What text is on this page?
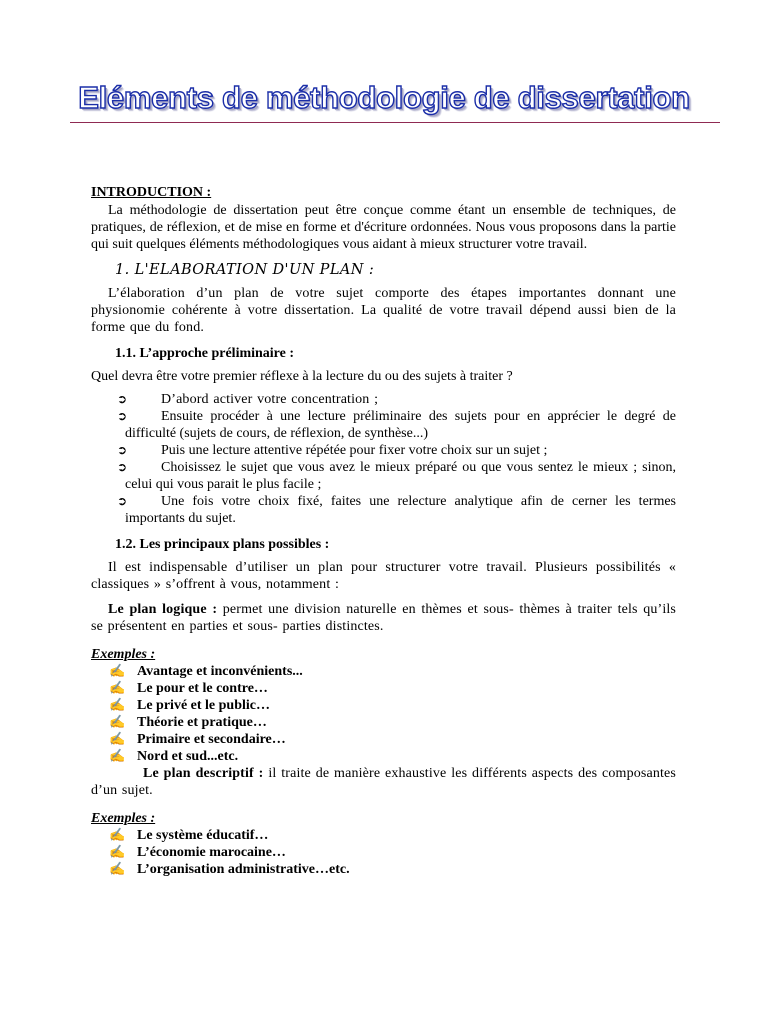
Eléments de méthodologie de dissertation

INTRODUCTION :

La méthodologie de dissertation peut être conçue comme étant un ensemble de techniques, de pratiques, de réflexion, et de mise en forme et d'écriture ordonnées. Nous vous proposons dans la partie qui suit quelques éléments méthodologiques vous aidant à mieux structurer votre travail.

1. L'ELABORATION D'UN PLAN :

L’élaboration d’un plan de votre sujet comporte des étapes importantes donnant une physionomie cohérente à votre dissertation. La qualité de votre travail dépend aussi bien de la forme que du fond.

1.1. L’approche préliminaire :

Quel devra être votre premier réflexe à la lecture du ou des sujets à traiter ?

➲ D’abord activer votre concentration ;
➲ Ensuite procéder à une lecture préliminaire des sujets pour en apprécier le degré de difficulté (sujets de cours, de réflexion, de synthèse...)
➲ Puis une lecture attentive répétée pour fixer votre choix sur un sujet ;
➲ Choisissez le sujet que vous avez le mieux préparé ou que vous sentez le mieux ; sinon, celui qui vous parait le plus facile ;
➲ Une fois votre choix fixé, faites une relecture analytique afin de cerner les termes importants du sujet.

1.2. Les principaux plans possibles :

Il est indispensable d’utiliser un plan pour structurer votre travail. Plusieurs possibilités « classiques » s’offrent à vous, notamment :

Le plan logique : permet une division naturelle en thèmes et sous- thèmes à traiter tels qu’ils se présentent en parties et sous- parties distinctes.

Exemples :

✍ Avantage et inconvénients...
✍ Le pour et le contre…
✍ Le privé et le public…
✍ Théorie et pratique…
✍ Primaire et secondaire…
✍ Nord et sud...etc.

Le plan descriptif : il traite de manière exhaustive les différents aspects des composantes d’un sujet.

Exemples :

✍ Le système éducatif…
✍ L’économie marocaine…
✍ L’organisation administrative…etc.
